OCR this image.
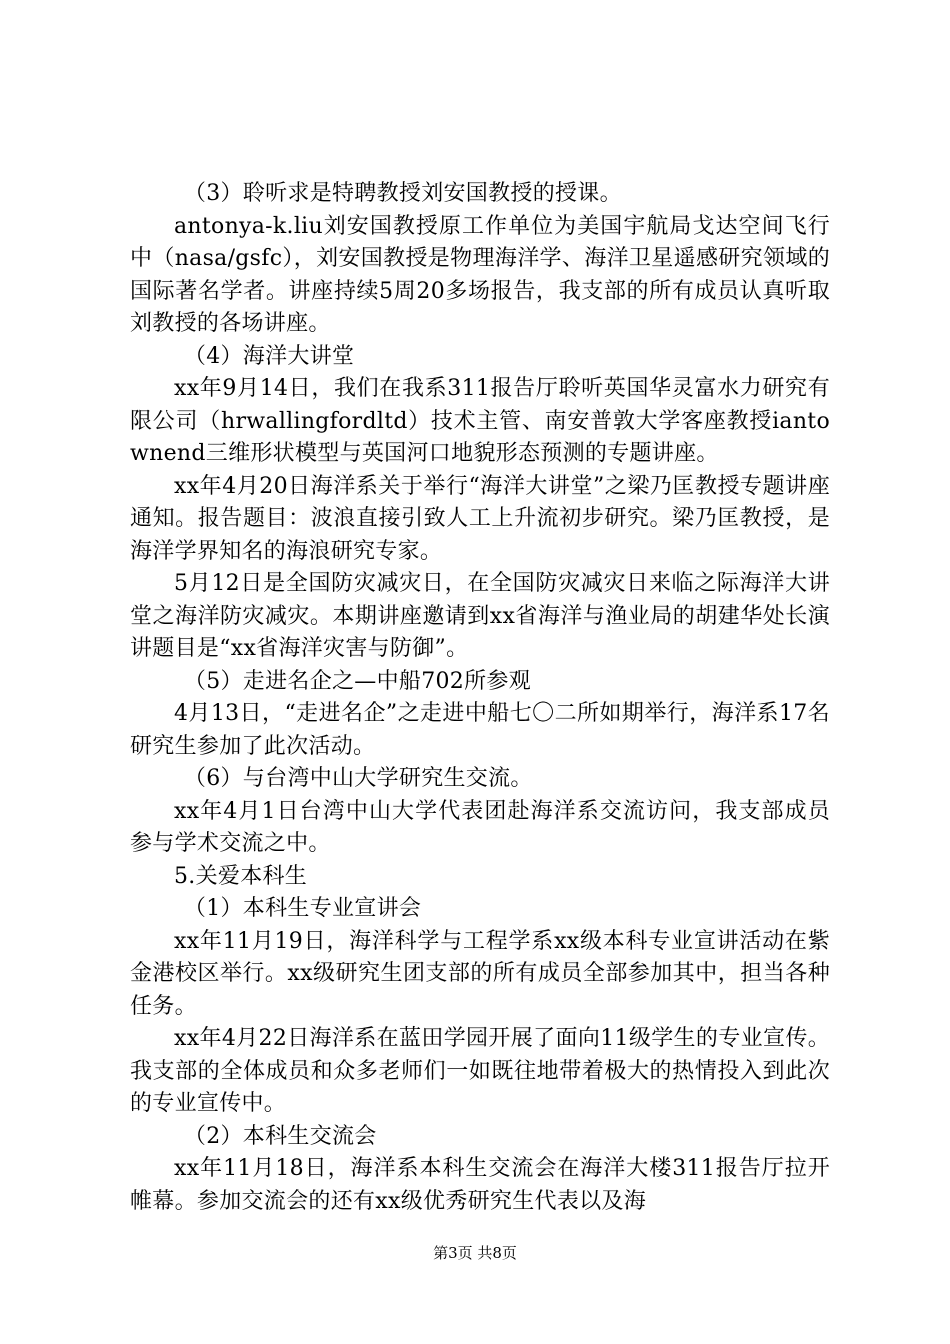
（3）聆听求是特聘教授刘安国教授的授课。

antonya-k.liu刘安国教授原工作单位为美国宇航局戈达空间飞行中（nasa/gsfc），刘安国教授是物理海洋学、海洋卫星遥感研究领域的国际著名学者。讲座持续5周20多场报告，我支部的所有成员认真听取刘教授的各场讲座。

（4）海洋大讲堂

xx年9月14日，我们在我系311报告厅聆听英国华灵富水力研究有限公司（hrwallingfordltd）技术主管、南安普敦大学客座教授iantownend三维形状模型与英国河口地貌形态预测的专题讲座。

xx年4月20日海洋系关于举行“海洋大讲堂”之梁乃匡教授专题讲座通知。报告题目：波浪直接引致人工上升流初步研究。梁乃匡教授，是海洋学界知名的海浪研究专家。

5月12日是全国防灾减灾日，在全国防灾减灾日来临之际海洋大讲堂之海洋防灾减灾。本期讲座邀请到xx省海洋与渔业局的胡建华处长演讲题目是“xx省海洋灾害与防御”。

（5）走进名企之—中船702所参观

4月13日，“走进名企”之走进中船七〇二所如期举行，海洋系17名研究生参加了此次活动。

（6）与台湾中山大学研究生交流。

xx年4月1日台湾中山大学代表团赴海洋系交流访问，我支部成员参与学术交流之中。

5.关爱本科生

（1）本科生专业宣讲会

xx年11月19日，海洋科学与工程学系xx级本科专业宣讲活动在紫金港校区举行。xx级研究生团支部的所有成员全部参加其中，担当各种任务。

xx年4月22日海洋系在蓝田学园开展了面向11级学生的专业宣传。我支部的全体成员和众多老师们一如既往地带着极大的热情投入到此次的专业宣传中。

（2）本科生交流会

xx年11月18日，海洋系本科生交流会在海洋大楼311报告厅拉开帷幕。参加交流会的还有xx级优秀研究生代表以及海

第3页 共8页
